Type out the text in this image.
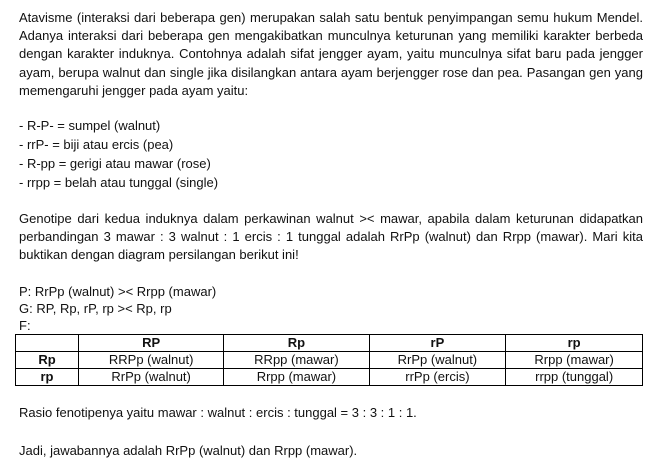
Atavisme (interaksi dari beberapa gen) merupakan salah satu bentuk penyimpangan semu hukum Mendel. Adanya interaksi dari beberapa gen mengakibatkan munculnya keturunan yang memiliki karakter berbeda dengan karakter induknya. Contohnya adalah sifat jengger ayam, yaitu munculnya sifat baru pada jengger ayam, berupa walnut dan single jika disilangkan antara ayam berjengger rose dan pea. Pasangan gen yang memengaruhi jengger pada ayam yaitu:

- R-P- = sumpel (walnut)
- rrP- = biji atau ercis (pea)
- R-pp = gerigi atau mawar (rose)
- rrpp = belah atau tunggal (single)

Genotipe dari kedua induknya dalam perkawinan walnut >< mawar, apabila dalam keturunan didapatkan perbandingan 3 mawar : 3 walnut : 1 ercis : 1 tunggal adalah RrPp (walnut) dan Rrpp (mawar). Mari kita buktikan dengan diagram persilangan berikut ini!

P: RrPp (walnut) >< Rrpp (mawar)
G: RP, Rp, rP, rp >< Rp, rp
F:
	RP	Rp	rP	rp
Rp	RRPp (walnut)	RRpp (mawar)	RrPp (walnut)	Rrpp (mawar)
rp	RrPp (walnut)	Rrpp (mawar)	rrPp (ercis)	rrpp (tunggal)
Rasio fenotipenya yaitu mawar : walnut : ercis : tunggal = 3 : 3 : 1 : 1.
Jadi, jawabannya adalah RrPp (walnut) dan Rrpp (mawar).
